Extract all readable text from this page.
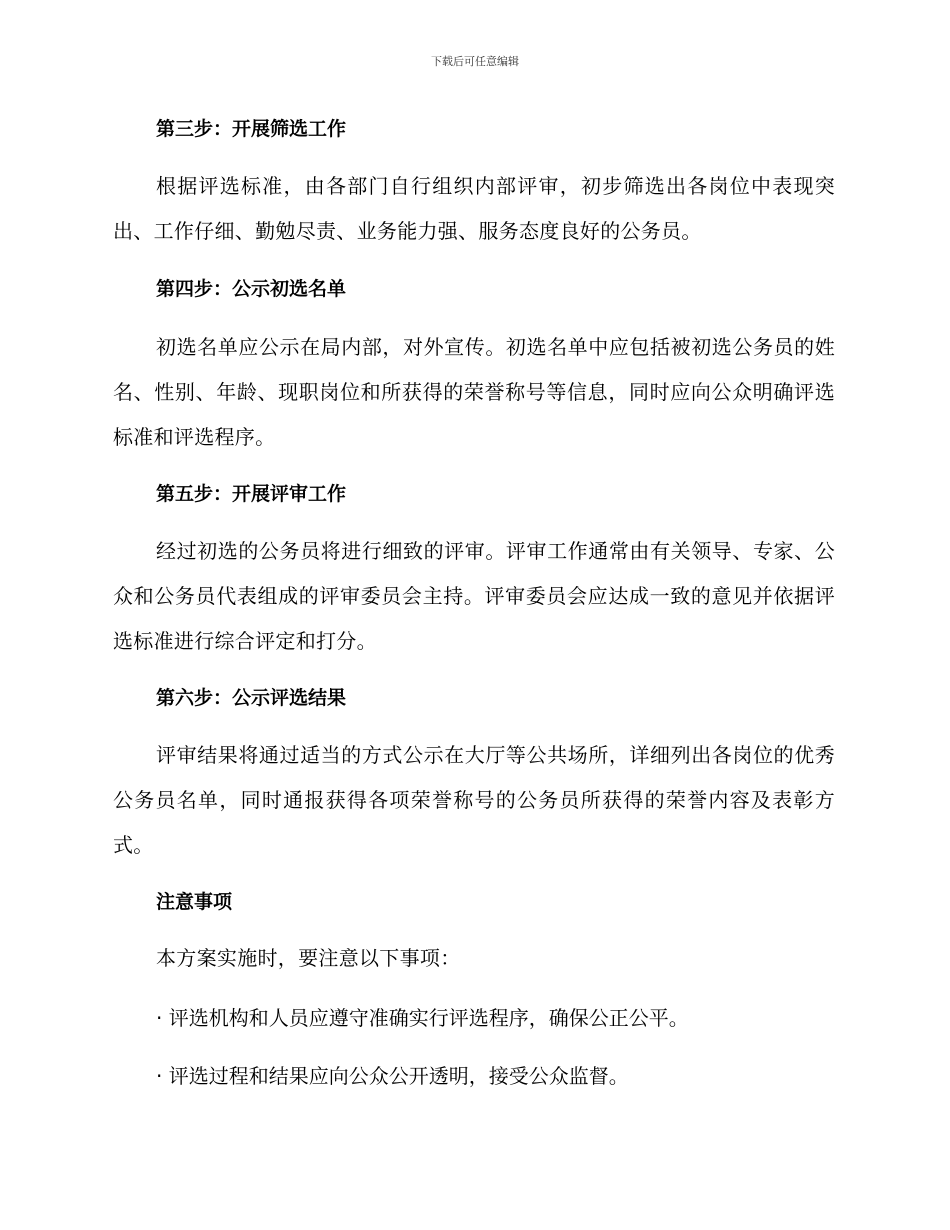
下载后可任意编辑
第三步：开展筛选工作
根据评选标准，由各部门自行组织内部评审，初步筛选出各岗位中表现突出、工作仔细、勤勉尽责、业务能力强、服务态度良好的公务员。
第四步：公示初选名单
初选名单应公示在局内部，对外宣传。初选名单中应包括被初选公务员的姓名、性别、年龄、现职岗位和所获得的荣誉称号等信息，同时应向公众明确评选标准和评选程序。
第五步：开展评审工作
经过初选的公务员将进行细致的评审。评审工作通常由有关领导、专家、公众和公务员代表组成的评审委员会主持。评审委员会应达成一致的意见并依据评选标准进行综合评定和打分。
第六步：公示评选结果
评审结果将通过适当的方式公示在大厅等公共场所，详细列出各岗位的优秀公务员名单，同时通报获得各项荣誉称号的公务员所获得的荣誉内容及表彰方式。
注意事项
本方案实施时，要注意以下事项：
· 评选机构和人员应遵守准确实行评选程序，确保公正公平。
· 评选过程和结果应向公众公开透明，接受公众监督。
